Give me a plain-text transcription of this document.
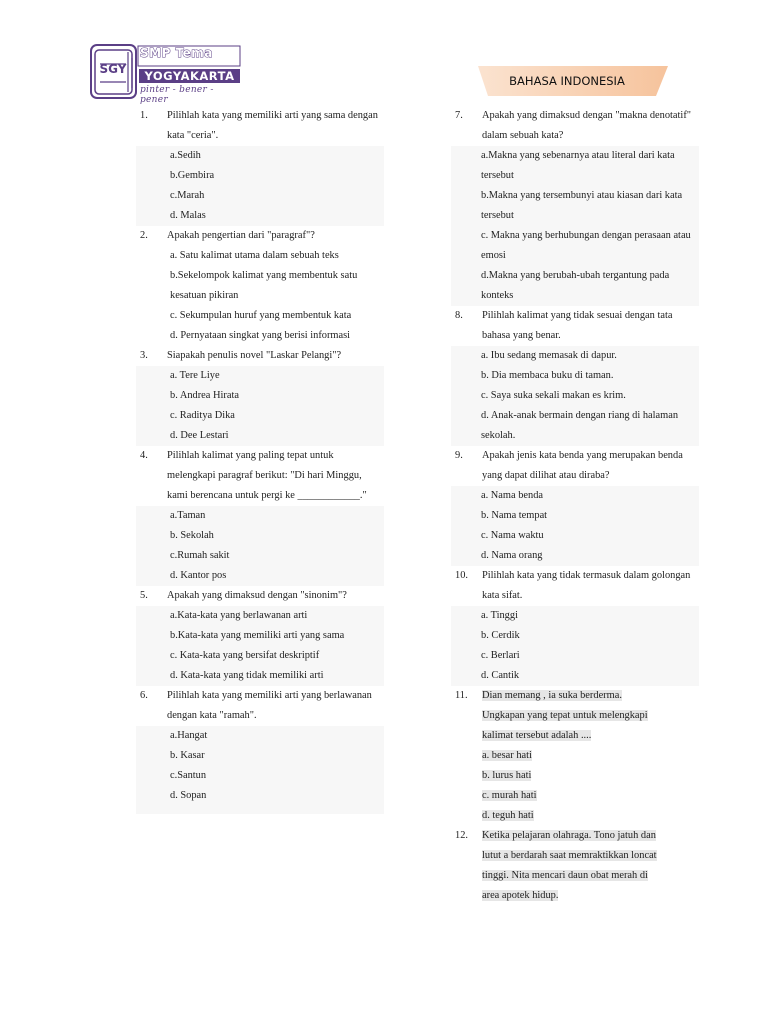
SMP Tema
YOGYAKARTA
pinter - bener - pener
SGY
BAHASA INDONESIA
1.	Pilihlah kata yang memiliki arti yang sama dengan kata "ceria".
a.Sedih
b.Gembira
c.Marah
d. Malas
2.	Apakah pengertian dari "paragraf"?
a. Satu kalimat utama dalam sebuah teks
b.Sekelompok kalimat yang membentuk satu kesatuan pikiran
c. Sekumpulan huruf yang membentuk kata
d. Pernyataan singkat yang berisi informasi
3.	Siapakah penulis novel "Laskar Pelangi"?
a. Tere Liye
b. Andrea Hirata
c. Raditya Dika
d. Dee Lestari
4.	Pilihlah kalimat yang paling tepat untuk melengkapi paragraf berikut: "Di hari Minggu, kami berencana untuk pergi ke ____________."
a.Taman
b. Sekolah
c.Rumah sakit
d. Kantor pos
5.	Apakah yang dimaksud dengan "sinonim"?
a.Kata-kata yang berlawanan arti
b.Kata-kata yang memiliki arti yang sama
c. Kata-kata yang bersifat deskriptif
d. Kata-kata yang tidak memiliki arti
6.	Pilihlah kata yang memiliki arti yang berlawanan dengan kata "ramah".
a.Hangat
b. Kasar
c.Santun
d. Sopan
7.	Apakah yang dimaksud dengan "makna denotatif" dalam sebuah kata?
a.Makna yang sebenarnya atau literal dari kata tersebut
b.Makna yang tersembunyi atau kiasan dari kata tersebut
c. Makna yang berhubungan dengan perasaan atau emosi
d.Makna yang berubah-ubah tergantung pada konteks
8.	Pilihlah kalimat yang tidak sesuai dengan tata bahasa yang benar.
a. Ibu sedang memasak di dapur.
b. Dia membaca buku di taman.
c. Saya suka sekali makan es krim.
d. Anak-anak bermain dengan riang di halaman sekolah.
9.	Apakah jenis kata benda yang merupakan benda yang dapat dilihat atau diraba?
a. Nama benda
b. Nama tempat
c. Nama waktu
d. Nama orang
10.	Pilihlah kata yang tidak termasuk dalam golongan kata sifat.
a. Tinggi
b. Cerdik
c. Berlari
d. Cantik
11.	Dian memang , ia suka berderma.
Ungkapan yang tepat untuk melengkapi
kalimat tersebut adalah ....
a. besar hati
b. lurus hati
c. murah hati
d. teguh hati
12.	Ketika pelajaran olahraga. Tono jatuh dan
lutut a berdarah saat memraktikkan loncat
tinggi. Nita mencari daun obat merah di
area apotek hidup.
